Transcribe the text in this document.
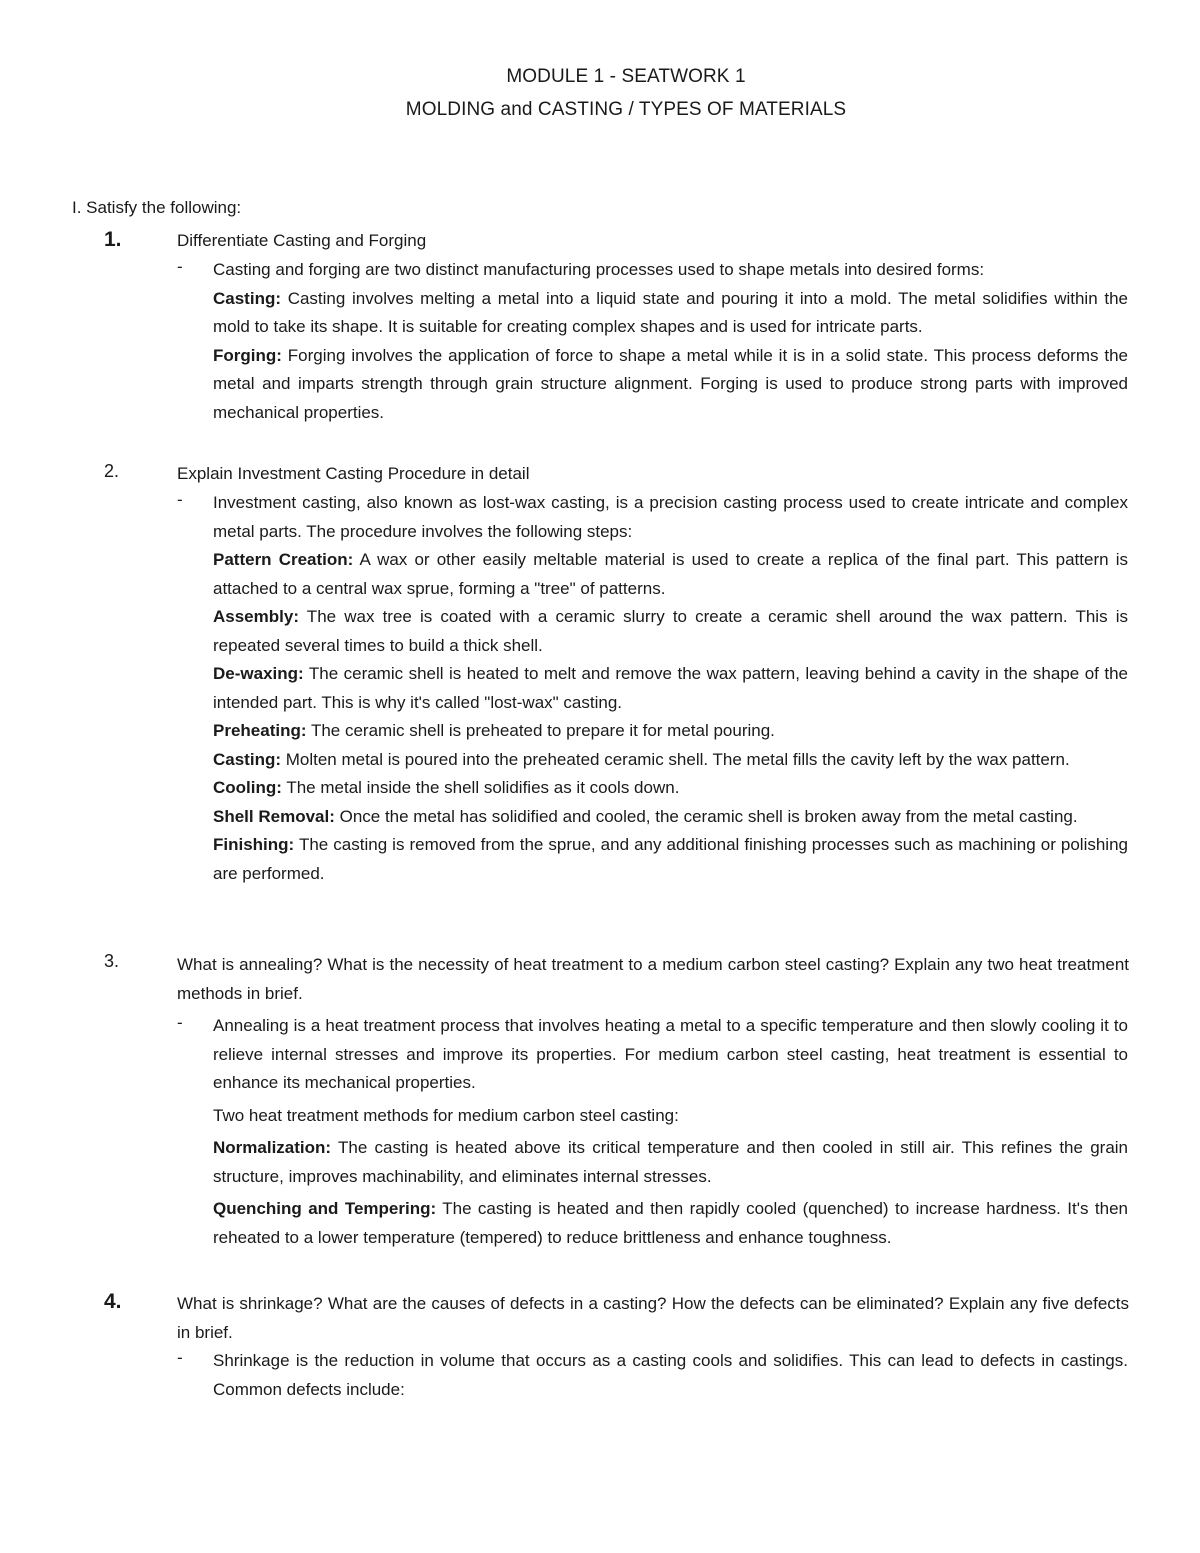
MODULE 1 - SEATWORK 1
MOLDING and CASTING / TYPES OF MATERIALS
I. Satisfy the following:
1.	Differentiate Casting and Forging
- Casting and forging are two distinct manufacturing processes used to shape metals into desired forms:

Casting: Casting involves melting a metal into a liquid state and pouring it into a mold. The metal solidifies within the mold to take its shape. It is suitable for creating complex shapes and is used for intricate parts.

Forging: Forging involves the application of force to shape a metal while it is in a solid state. This process deforms the metal and imparts strength through grain structure alignment. Forging is used to produce strong parts with improved mechanical properties.

2.	Explain Investment Casting Procedure in detail
- Investment casting, also known as lost-wax casting, is a precision casting process used to create intricate and complex metal parts. The procedure involves the following steps:

Pattern Creation: A wax or other easily meltable material is used to create a replica of the final part. This pattern is attached to a central wax sprue, forming a "tree" of patterns.

Assembly: The wax tree is coated with a ceramic slurry to create a ceramic shell around the wax pattern. This is repeated several times to build a thick shell.

De-waxing: The ceramic shell is heated to melt and remove the wax pattern, leaving behind a cavity in the shape of the intended part. This is why it's called "lost-wax" casting.

Preheating: The ceramic shell is preheated to prepare it for metal pouring.

Casting: Molten metal is poured into the preheated ceramic shell. The metal fills the cavity left by the wax pattern.

Cooling: The metal inside the shell solidifies as it cools down.

Shell Removal: Once the metal has solidified and cooled, the ceramic shell is broken away from the metal casting.

Finishing: The casting is removed from the sprue, and any additional finishing processes such as machining or polishing are performed.

3.	What is annealing? What is the necessity of heat treatment to a medium carbon steel casting? Explain any two heat treatment methods in brief.
- Annealing is a heat treatment process that involves heating a metal to a specific temperature and then slowly cooling it to relieve internal stresses and improve its properties. For medium carbon steel casting, heat treatment is essential to enhance its mechanical properties.

Two heat treatment methods for medium carbon steel casting:

Normalization: The casting is heated above its critical temperature and then cooled in still air. This refines the grain structure, improves machinability, and eliminates internal stresses.

Quenching and Tempering: The casting is heated and then rapidly cooled (quenched) to increase hardness. It's then reheated to a lower temperature (tempered) to reduce brittleness and enhance toughness.

4.	What is shrinkage? What are the causes of defects in a casting? How the defects can be eliminated? Explain any five defects in brief.
- Shrinkage is the reduction in volume that occurs as a casting cools and solidifies. This can lead to defects in castings. Common defects include:
